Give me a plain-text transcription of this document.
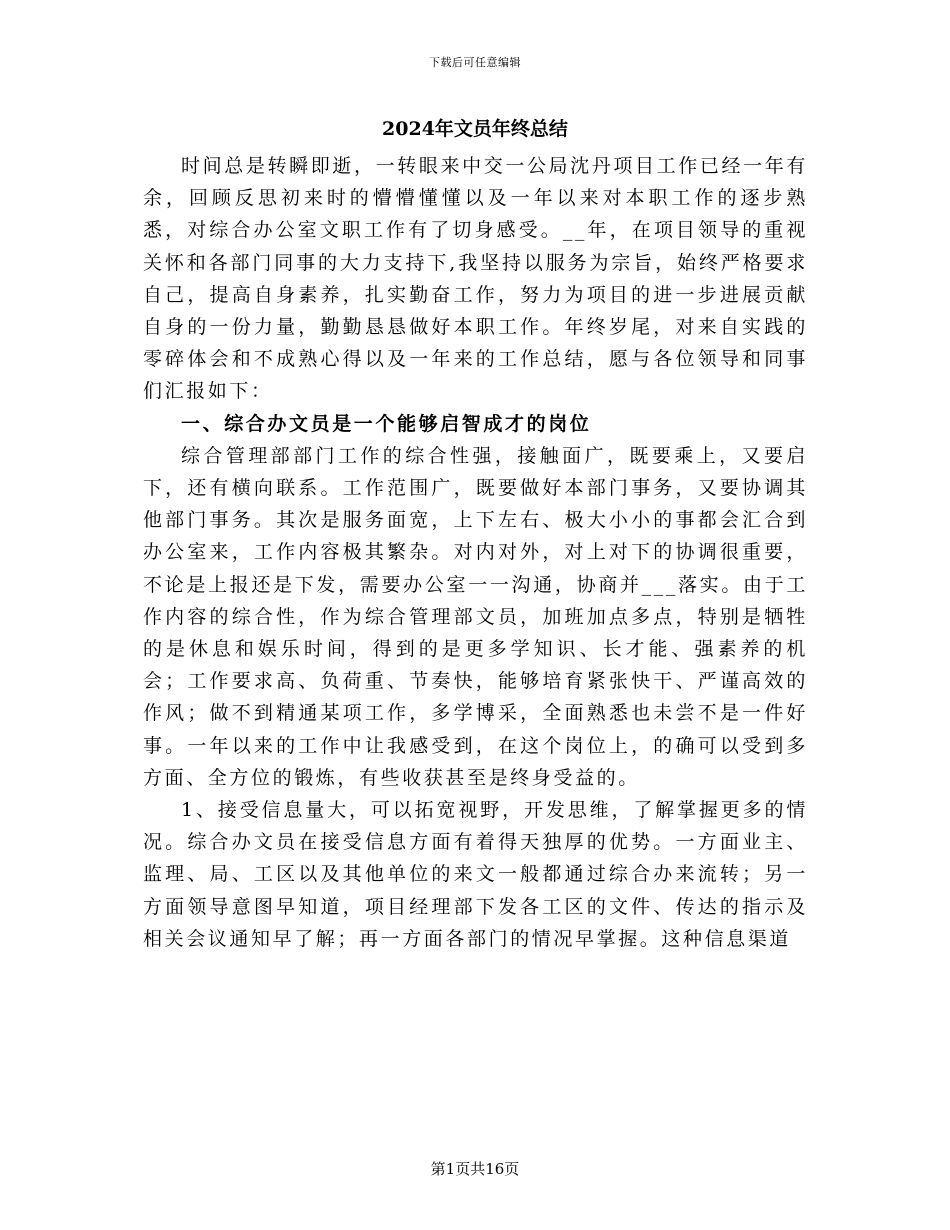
下载后可任意编辑
2024年文员年终总结

时间总是转瞬即逝，一转眼来中交一公局沈丹项目工作已经一年有余，回顾反思初来时的懵懵懂懂以及一年以来对本职工作的逐步熟悉，对综合办公室文职工作有了切身感受。__年，在项目领导的重视关怀和各部门同事的大力支持下,我坚持以服务为宗旨，始终严格要求自己，提高自身素养，扎实勤奋工作，努力为项目的进一步进展贡献自身的一份力量，勤勤恳恳做好本职工作。年终岁尾，对来自实践的零碎体会和不成熟心得以及一年来的工作总结，愿与各位领导和同事们汇报如下：

一、综合办文员是一个能够启智成才的岗位

综合管理部部门工作的综合性强，接触面广，既要乘上，又要启下，还有横向联系。工作范围广，既要做好本部门事务，又要协调其他部门事务。其次是服务面宽，上下左右、极大小小的事都会汇合到办公室来，工作内容极其繁杂。对内对外，对上对下的协调很重要，不论是上报还是下发，需要办公室一一沟通，协商并___落实。由于工作内容的综合性，作为综合管理部文员，加班加点多点，特别是牺牲的是休息和娱乐时间，得到的是更多学知识、长才能、强素养的机会；工作要求高、负荷重、节奏快，能够培育紧张快干、严谨高效的作风；做不到精通某项工作，多学博采，全面熟悉也未尝不是一件好事。一年以来的工作中让我感受到，在这个岗位上，的确可以受到多方面、全方位的锻炼，有些收获甚至是终身受益的。

1、接受信息量大，可以拓宽视野，开发思维，了解掌握更多的情况。综合办文员在接受信息方面有着得天独厚的优势。一方面业主、监理、局、工区以及其他单位的来文一般都通过综合办来流转；另一方面领导意图早知道，项目经理部下发各工区的文件、传达的指示及相关会议通知早了解；再一方面各部门的情况早掌握。这种信息渠道

第1页共16页
